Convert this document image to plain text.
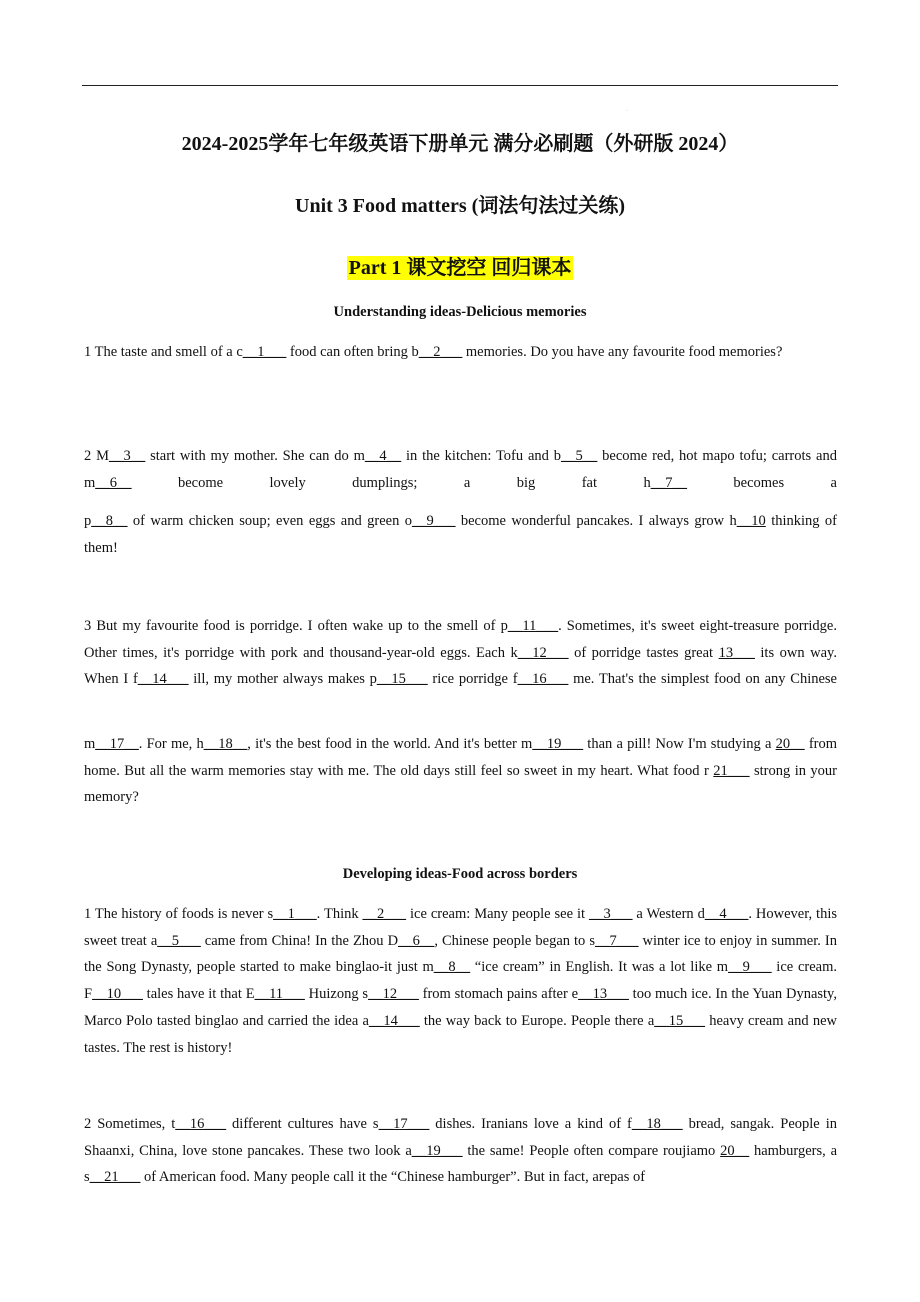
·
2024-2025学年七年级英语下册单元 满分必刷题（外研版 2024）
Unit 3 Food matters (词法句法过关练)
Part 1 课文挖空 回归课本
Understanding ideas-Delicious memories
1 The taste and smell of a c__1___ food can often bring b__2___ memories. Do you have any favourite food memories?
2 M__3__ start with my mother. She can do m__4__ in the kitchen: Tofu and b__5__ become red, hot mapo tofu; carrots and m__6__ become lovely dumplings; a big fat h__7__ becomes a
p__8__ of warm chicken soup; even eggs and green o__9___ become wonderful pancakes. I always grow h__10 thinking of them!
3 But my favourite food is porridge. I often wake up to the smell of p__11___. Sometimes, it's sweet eight-treasure porridge. Other times, it's porridge with pork and thousand-year-old eggs. Each k__12___ of porridge tastes great 13___ its own way. When I f__14___ ill, my mother always makes p__15___ rice porridge f__16___ me. That's the simplest food on any Chinese
m__17__. For me, h__18__, it's the best food in the world. And it's better m__19___ than a pill! Now I'm studying a 20__ from home. But all the warm memories stay with me. The old days still feel so sweet in my heart. What food r 21___ strong in your memory?
Developing ideas-Food across borders
1 The history of foods is never s__1___. Think __2___ ice cream: Many people see it __3___ a Western d__4___. However, this sweet treat a__5___ came from China! In the Zhou D__6__, Chinese people began to s__7___ winter ice to enjoy in summer. In the Song Dynasty, people started to make binglao-it just m__8__ “ice cream” in English. It was a lot like m__9___ ice cream. F__10___ tales have it that E__11___ Huizong s__12___ from stomach pains after e__13___ too much ice. In the Yuan Dynasty, Marco Polo tasted binglao and carried the idea a__14___ the way back to Europe. People there a__15___ heavy cream and new tastes. The rest is history!
2 Sometimes, t__16___ different cultures have s__17___ dishes. Iranians love a kind of f__18___ bread, sangak. People in Shaanxi, China, love stone pancakes. These two look a__19___ the same! People often compare roujiamo 20__ hamburgers, a s__21___ of American food. Many people call it the “Chinese hamburger”. But in fact, arepas of
